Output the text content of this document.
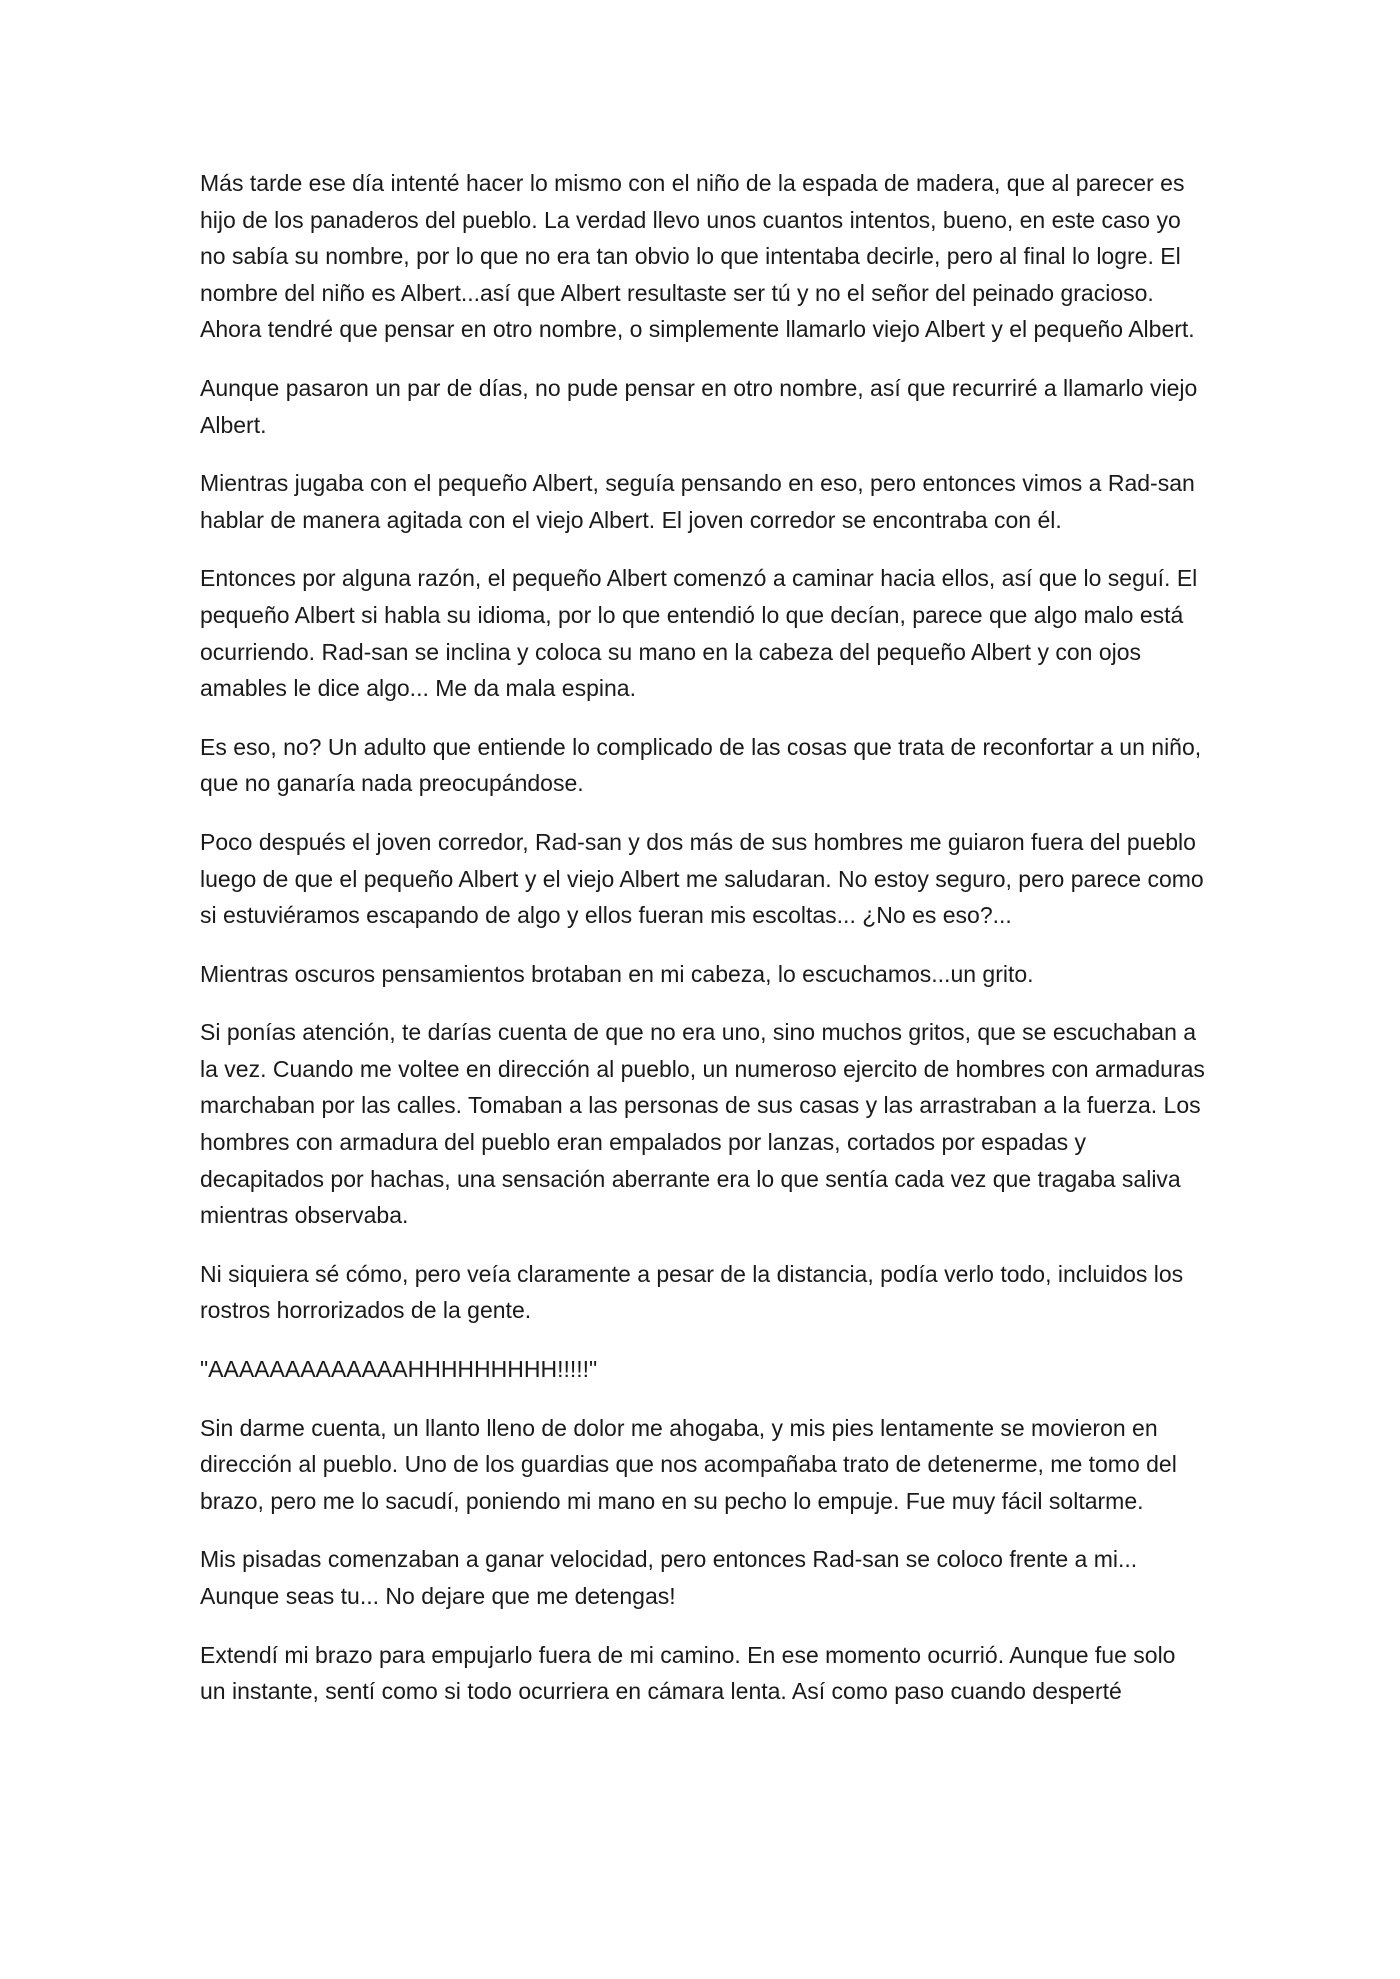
Más tarde ese día intenté hacer lo mismo con el niño de la espada de madera, que al parecer es hijo de los panaderos del pueblo. La verdad llevo unos cuantos intentos, bueno, en este caso yo no sabía su nombre, por lo que no era tan obvio lo que intentaba decirle, pero al final lo logre. El nombre del niño es Albert...así que Albert resultaste ser tú y no el señor del peinado gracioso. Ahora tendré que pensar en otro nombre, o simplemente llamarlo viejo Albert y el pequeño Albert.

Aunque pasaron un par de días, no pude pensar en otro nombre, así que recurriré a llamarlo viejo Albert.

Mientras jugaba con el pequeño Albert, seguía pensando en eso, pero entonces vimos a Rad-san hablar de manera agitada con el viejo Albert. El joven corredor se encontraba con él.

Entonces por alguna razón, el pequeño Albert comenzó a caminar hacia ellos, así que lo seguí. El pequeño Albert si habla su idioma, por lo que entendió lo que decían, parece que algo malo está ocurriendo. Rad-san se inclina y coloca su mano en la cabeza del pequeño Albert y con ojos amables le dice algo... Me da mala espina.

Es eso, no? Un adulto que entiende lo complicado de las cosas que trata de reconfortar a un niño, que no ganaría nada preocupándose.

Poco después el joven corredor, Rad-san y dos más de sus hombres me guiaron fuera del pueblo luego de que el pequeño Albert y el viejo Albert me saludaran. No estoy seguro, pero parece como si estuviéramos escapando de algo y ellos fueran mis escoltas... ¿No es eso?...

Mientras oscuros pensamientos brotaban en mi cabeza, lo escuchamos...un grito.

Si ponías atención, te darías cuenta de que no era uno, sino muchos gritos, que se escuchaban a la vez. Cuando me voltee en dirección al pueblo, un numeroso ejercito de hombres con armaduras marchaban por las calles. Tomaban a las personas de sus casas y las arrastraban a la fuerza. Los hombres con armadura del pueblo eran empalados por lanzas, cortados por espadas y decapitados por hachas, una sensación aberrante era lo que sentía cada vez que tragaba saliva mientras observaba.

Ni siquiera sé cómo, pero veía claramente a pesar de la distancia, podía verlo todo, incluidos los rostros horrorizados de la gente.

"AAAAAAAAAAAAAHHHHHHHHH!!!!!"

Sin darme cuenta, un llanto lleno de dolor me ahogaba, y mis pies lentamente se movieron en dirección al pueblo. Uno de los guardias que nos acompañaba trato de detenerme, me tomo del brazo, pero me lo sacudí, poniendo mi mano en su pecho lo empuje. Fue muy fácil soltarme.

Mis pisadas comenzaban a ganar velocidad, pero entonces Rad-san se coloco frente a mi... Aunque seas tu... No dejare que me detengas!

Extendí mi brazo para empujarlo fuera de mi camino. En ese momento ocurrió. Aunque fue solo un instante, sentí como si todo ocurriera en cámara lenta. Así como paso cuando desperté
